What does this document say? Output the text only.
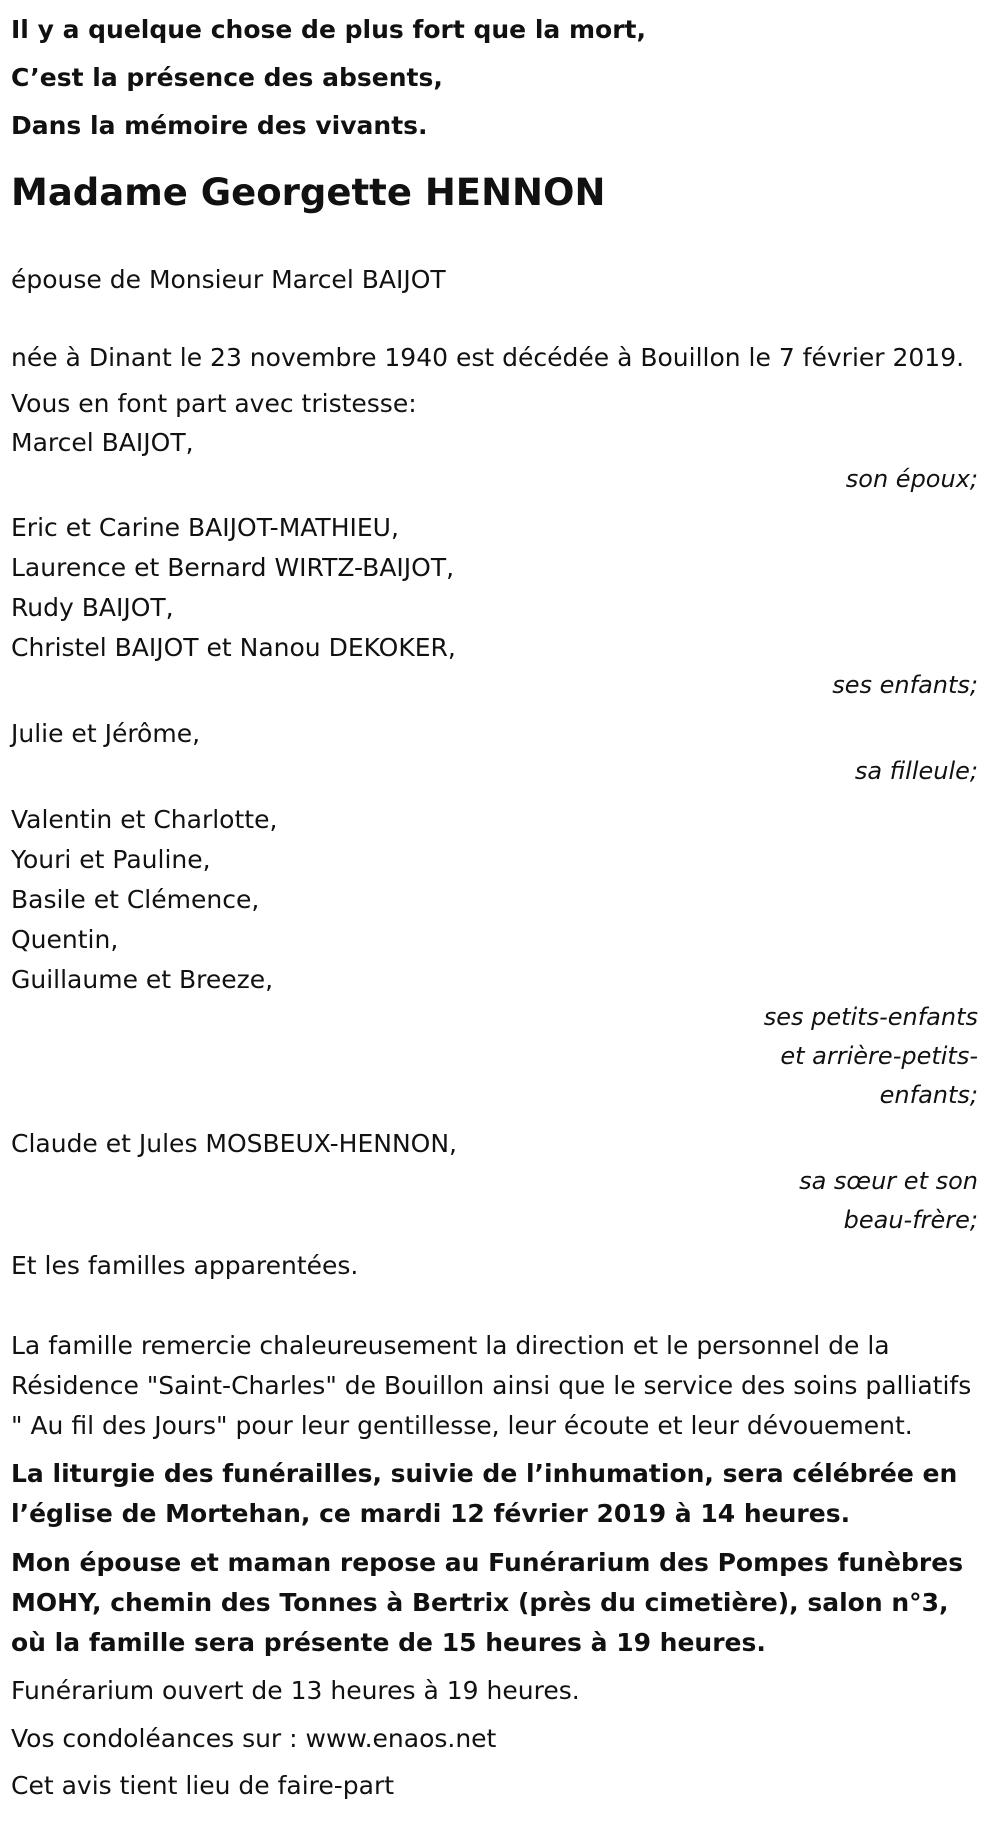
Il y a quelque chose de plus fort que la mort,

C’est la présence des absents,

Dans la mémoire des vivants.

Madame Georgette HENNON

épouse de Monsieur Marcel BAIJOT

née à Dinant le 23 novembre 1940 est décédée à Bouillon le 7 février 2019.

Vous en font part avec tristesse:

Marcel BAIJOT,
son époux;
Eric et Carine BAIJOT-MATHIEU,
Laurence et Bernard WIRTZ-BAIJOT,
Rudy BAIJOT,
Christel BAIJOT et Nanou DEKOKER,
ses enfants;
Julie et Jérôme,
sa filleule;
Valentin et Charlotte,
Youri et Pauline,
Basile et Clémence,
Quentin,
Guillaume et Breeze,
ses petits-enfants
et arrière-petits-
enfants;
Claude et Jules MOSBEUX-HENNON,
sa sœur et son
beau-frère;

Et les familles apparentées.

La famille remercie chaleureusement la direction et le personnel de la Résidence "Saint-Charles" de Bouillon ainsi que le service des soins palliatifs " Au fil des Jours" pour leur gentillesse, leur écoute et leur dévouement.

La liturgie des funérailles, suivie de l’inhumation, sera célébrée en l’église de Mortehan, ce mardi 12 février 2019 à 14 heures.

Mon épouse et maman repose au Funérarium des Pompes funèbres MOHY, chemin des Tonnes à Bertrix (près du cimetière), salon n°3, où la famille sera présente de 15 heures à 19 heures.

Funérarium ouvert de 13 heures à 19 heures.

Vos condoléances sur : www.enaos.net

Cet avis tient lieu de faire-part
